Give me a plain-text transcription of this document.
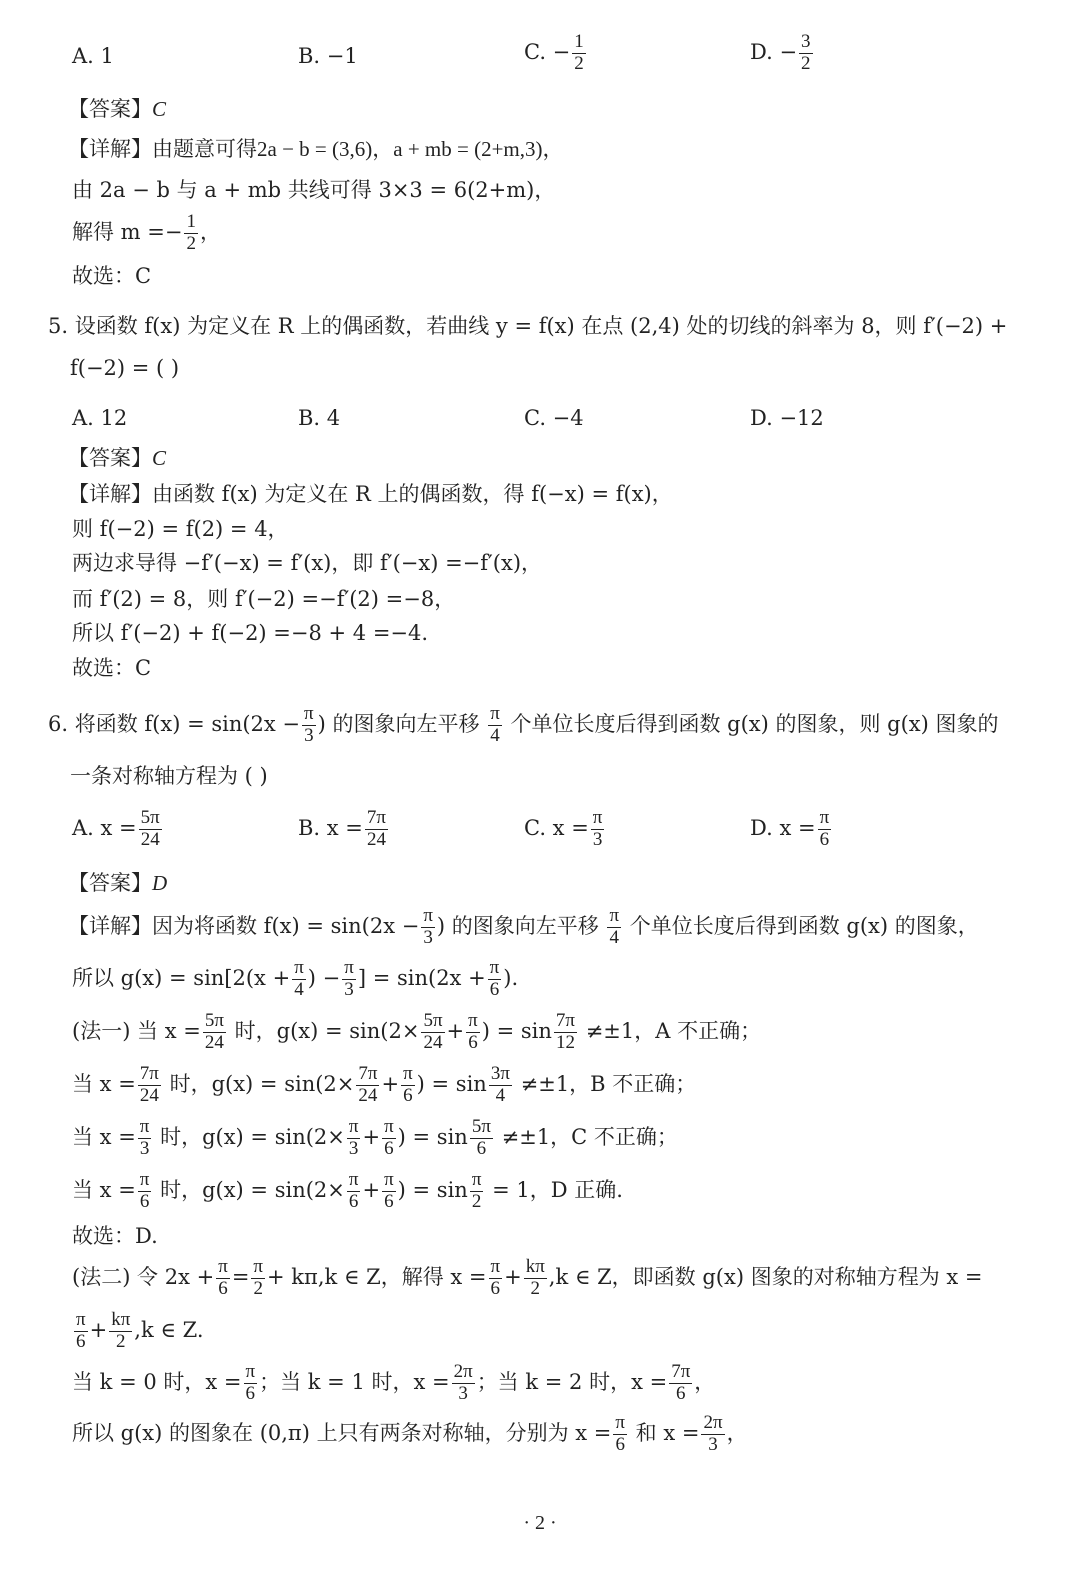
A. 1	B. −1	C. − $\frac{1}{2}$	D. − $\frac{3}{2}$
【答案】C
【详解】由题意可得2a − b = (3,6)，a + mb = (2+m,3)，
由 2a − b 与 a + mb 共线可得 3×3 = 6(2+m)，
解得 $m =- \frac{1}{2}$ ，
故选：C
5. 设函数 f(x) 为定义在 R 上的偶函数，若曲线 y = f(x) 在点 (2,4) 处的切线的斜率为 8，则 f′(−2) +
f(−2) = ( )
A. 12	B. 4	C. −4	D. −12
【答案】C
【详解】由函数 f(x) 为定义在 R 上的偶函数，得 f(−x) = f(x)，
则 f(−2) = f(2) = 4，
两边求导得 −f′(−x) = f′(x)，即 f′(−x) =−f′(x)，
而 f′(2) = 8，则 f′(−2) =−f′(2) =−8，
所以 f′(−2) + f(−2) =−8 + 4 =−4.
故选：C
6. 将函数 $f(x) = \sin(2x - \frac{\pi}{3}$ ) 的图象向左平移 $\frac{\pi}{4}$ 个单位长度后得到函数 g(x) 的图象，则 g(x) 图象的
一条对称轴方程为 ( )
A. $x = \frac{5\pi}{24}$	B. $x = \frac{7\pi}{24}$	C. $x = \frac{\pi}{3}$	D. $x = \frac{\pi}{6}$
【答案】D
【详解】因为将函数 $f(x) = \sin(2x - \frac{\pi}{3}$ ) 的图象向左平移 $\frac{\pi}{4}$ 个单位长度后得到函数 g(x) 的图象，
所以 $g(x) = \sin[2(x + \frac{\pi}{4}$ ) − $\frac{\pi}{3}$ ] = $\sin(2x + \frac{\pi}{6}$ ).
(法一) 当 $x = \frac{5\pi}{24}$ 时，$g(x) = \sin(2\times \frac{5\pi}{24} + \frac{\pi}{6}$ ) = $\sin \frac{7\pi}{12} \ne\pm 1$，A 不正确；
当 $x = \frac{7\pi}{24}$ 时，$g(x) = \sin(2\times \frac{7\pi}{24} + \frac{\pi}{6}$ ) = $\sin \frac{3\pi}{4} \ne\pm 1$，B 不正确；
当 $x = \frac{\pi}{3}$ 时，$g(x) = \sin(2\times \frac{\pi}{3} + \frac{\pi}{6}$ ) = $\sin \frac{5\pi}{6} \ne\pm 1$，C 不正确；
当 $x = \frac{\pi}{6}$ 时，$g(x) = \sin(2\times \frac{\pi}{6} + \frac{\pi}{6}$ ) = $\sin \frac{\pi}{2} = 1$，D 正确.
故选：D.
(法二) 令 $2x + \frac{\pi}{6} = \frac{\pi}{2} + k\pi,k$ ∈ Z，解得 $x = \frac{\pi}{6} + \frac{k\pi}{2} ,k$ ∈ Z，即函数 g(x) 图象的对称轴方程为 x =
$\frac{\pi}{6} + \frac{k\pi}{2} ,k$ ∈ Z.
当 k = 0 时，$x = \frac{\pi}{6}$ ；当 k = 1 时，$x = \frac{2\pi}{3}$ ；当 k = 2 时，$x = \frac{7\pi}{6}$ ，
所以 g(x) 的图象在 (0,π) 上只有两条对称轴，分别为 $x = \frac{\pi}{6}$ 和 $x = \frac{2\pi}{3}$ ，
· 2 ·
